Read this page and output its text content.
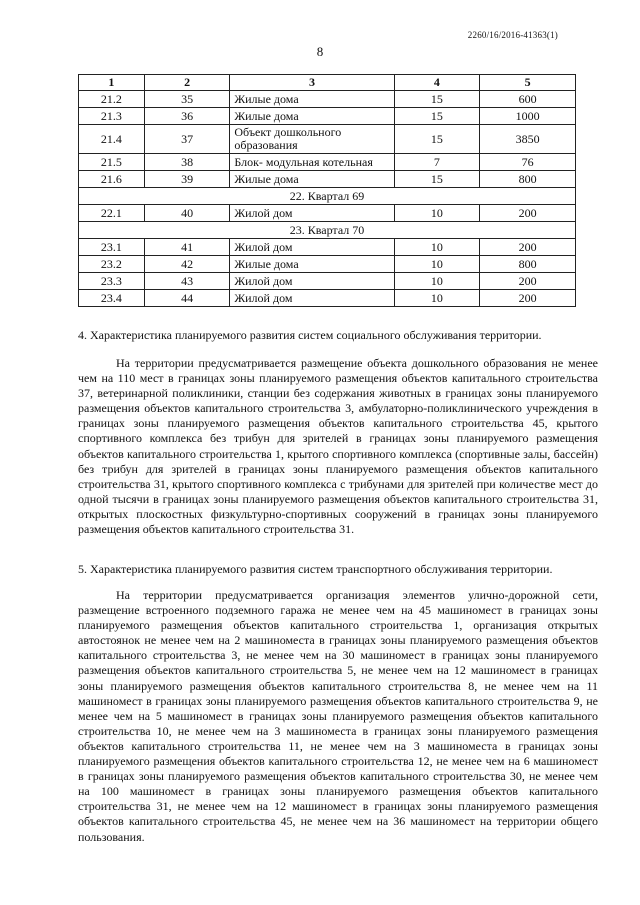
2260/16/2016-41363(1)
8
1	2	3	4	5
21.2	35	Жилые дома	15	600
21.3	36	Жилые дома	15	1000
21.4	37	Объект дошкольного образования	15	3850
21.5	38	Блок- модульная котельная	7	76
21.6	39	Жилые дома	15	800
22. Квартал 69				
22.1	40	Жилой дом	10	200
23. Квартал 70				
23.1	41	Жилой дом	10	200
23.2	42	Жилые дома	10	800
23.3	43	Жилой дом	10	200
23.4	44	Жилой дом	10	200
4. Характеристика планируемого развития систем социального обслуживания территории.
На территории предусматривается размещение объекта дошкольного образования не менее чем на 110 мест в границах зоны планируемого размещения объектов капитального строительства 37, ветеринарной поликлиники, станции без содержания животных в границах зоны планируемого размещения объектов капитального строительства 3, амбулаторно-поликлинического учреждения в границах зоны планируемого размещения объектов капитального строительства 45, крытого спортивного комплекса без трибун для зрителей в границах зоны планируемого размещения объектов капитального строительства 1, крытого спортивного комплекса (спортивные залы, бассейн) без трибун для зрителей в границах зоны планируемого размещения объектов капитального строительства 31, крытого спортивного комплекса с трибунами для зрителей при количестве мест до одной тысячи в границах зоны планируемого размещения объектов капитального строительства 31, открытых плоскостных физкультурно-спортивных сооружений в границах зоны планируемого размещения объектов капитального строительства 31.
5. Характеристика планируемого развития систем транспортного обслуживания территории.
На территории предусматривается организация элементов улично-дорожной сети, размещение встроенного подземного гаража не менее чем на 45 машиномест в границах зоны планируемого размещения объектов капитального строительства 1, организация открытых автостоянок не менее чем на 2 машиноместа в границах зоны планируемого размещения объектов капитального строительства 3, не менее чем на 30 машиномест в границах зоны планируемого размещения объектов капитального строительства 5, не менее чем на 12 машиномест в границах зоны планируемого размещения объектов капитального строительства 8, не менее чем на 11 машиномест в границах зоны планируемого размещения объектов капитального строительства 9, не менее чем на 5 машиномест в границах зоны планируемого размещения объектов капитального строительства 10, не менее чем на 3 машиноместа в границах зоны планируемого размещения объектов капитального строительства 11, не менее чем на 3 машиноместа в границах зоны планируемого размещения объектов капитального строительства 12, не менее чем на 6 машиномест в границах зоны планируемого размещения объектов капитального строительства 30, не менее чем на 100 машиномест в границах зоны планируемого размещения объектов капитального строительства 31, не менее чем на 12 машиномест в границах зоны планируемого размещения объектов капитального строительства 45, не менее чем на 36 машиномест на территории общего пользования.
